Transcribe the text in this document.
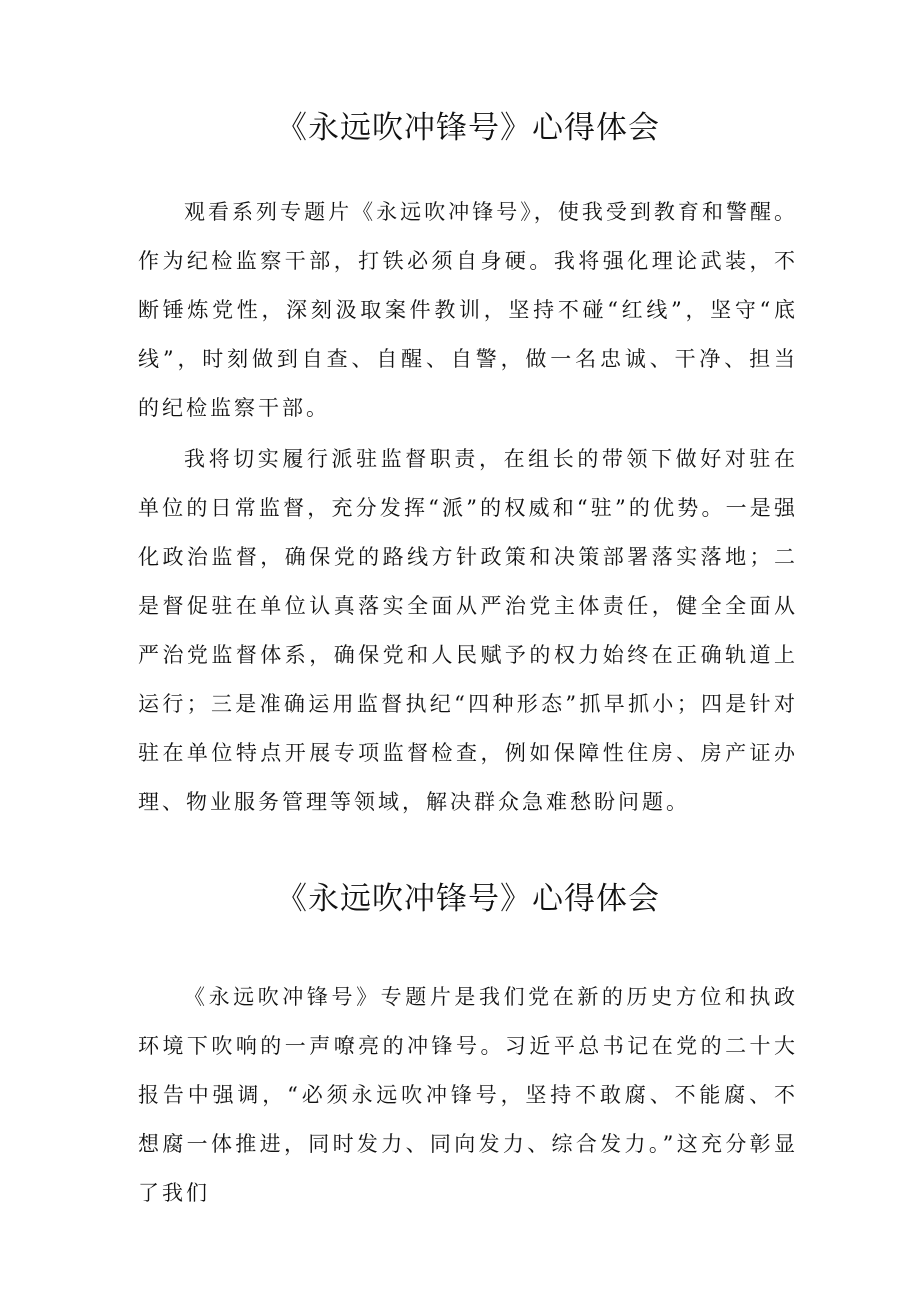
《永远吹冲锋号》心得体会

观看系列专题片《永远吹冲锋号》，使我受到教育和警醒。作为纪检监察干部，打铁必须自身硬。我将强化理论武装，不断锤炼党性，深刻汲取案件教训，坚持不碰“红线”，坚守“底线”，时刻做到自查、自醒、自警，做一名忠诚、干净、担当的纪检监察干部。

我将切实履行派驻监督职责，在组长的带领下做好对驻在单位的日常监督，充分发挥“派”的权威和“驻”的优势。一是强化政治监督，确保党的路线方针政策和决策部署落实落地；二是督促驻在单位认真落实全面从严治党主体责任，健全全面从严治党监督体系，确保党和人民赋予的权力始终在正确轨道上运行；三是准确运用监督执纪“四种形态”抓早抓小；四是针对驻在单位特点开展专项监督检查，例如保障性住房、房产证办理、物业服务管理等领域，解决群众急难愁盼问题。

《永远吹冲锋号》心得体会

《永远吹冲锋号》专题片是我们党在新的历史方位和执政环境下吹响的一声嘹亮的冲锋号。习近平总书记在党的二十大报告中强调，“必须永远吹冲锋号，坚持不敢腐、不能腐、不想腐一体推进，同时发力、同向发力、综合发力。”这充分彰显了我们
